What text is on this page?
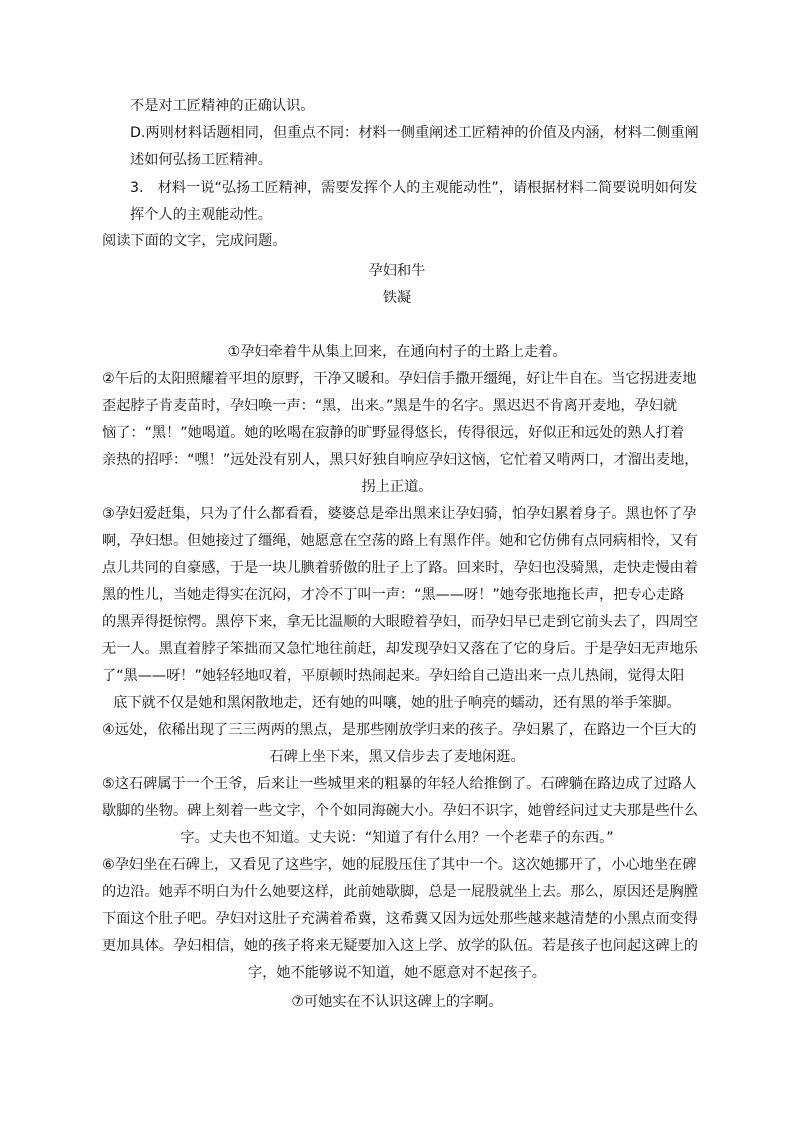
不是对工匠精神的正确认识。
D.两则材料话题相同，但重点不同：材料一侧重阐述工匠精神的价值及内涵，材料二侧重阐
述如何弘扬工匠精神。
3.　材料一说“弘扬工匠精神，需要发挥个人的主观能动性”，请根据材料二简要说明如何发
挥个人的主观能动性。
阅读下面的文字，完成问题。
孕妇和牛
铁凝
①孕妇牵着牛从集上回来，在通向村子的土路上走着。
②午后的太阳照耀着平坦的原野，干净又暖和。孕妇信手撒开缰绳，好让牛自在。当它拐进麦地
歪起脖子肯麦苗时，孕妇唤一声：“黑，出来。”黑是牛的名字。黑迟迟不肯离开麦地，孕妇就
恼了：“黑！”她喝道。她的吆喝在寂静的旷野显得悠长，传得很远，好似正和远处的熟人打着
亲热的招呼：“嘿！”远处没有别人，黑只好独自响应孕妇这恼，它忙着又啃两口，才溜出麦地，
拐上正道。
③孕妇爱赶集，只为了什么都看看，婆婆总是牵出黑来让孕妇骑，怕孕妇累着身子。黑也怀了孕
啊，孕妇想。但她接过了缰绳，她愿意在空荡的路上有黑作伴。她和它仿佛有点同病相怜，又有
点儿共同的自豪感，于是一块儿腆着骄傲的肚子上了路。回来时，孕妇也没骑黑，走快走慢由着
黑的性儿，当她走得实在沉闷，才冷不丁叫一声：“黑——呀！”她夸张地拖长声，把专心走路
的黑弄得挺惊愕。黑停下来，拿无比温顺的大眼瞪着孕妇，而孕妇早已走到它前头去了，四周空
无一人。黑直着脖子笨拙而又急忙地往前赶，却发现孕妇又落在了它的身后。于是孕妇无声地乐
了“黑——呀！”她轻轻地叹着，平原顿时热闹起来。孕妇给自己造出来一点儿热闹，觉得太阳
底下就不仅是她和黑闲散地走，还有她的叫嚷，她的肚子响亮的蠕动，还有黑的举手笨脚。
④远处，依稀出现了三三两两的黑点，是那些刚放学归来的孩子。孕妇累了，在路边一个巨大的
石碑上坐下来，黑又信步去了麦地闲逛。
⑤这石碑属于一个王爷，后来让一些城里来的粗暴的年轻人给推倒了。石碑躺在路边成了过路人
歇脚的坐物。碑上刻着一些文字，个个如同海碗大小。孕妇不识字，她曾经问过丈夫那是些什么
字。丈夫也不知道。丈夫说：“知道了有什么用？一个老辈子的东西。”
⑥孕妇坐在石碑上，又看见了这些字，她的屁股压住了其中一个。这次她挪开了，小心地坐在碑
的边沿。她弄不明白为什么她要这样，此前她歇脚，总是一屁股就坐上去。那么，原因还是胸膛
下面这个肚子吧。孕妇对这肚子充满着希冀，这希冀又因为远处那些越来越清楚的小黑点而变得
更加具体。孕妇相信，她的孩子将来无疑要加入这上学、放学的队伍。若是孩子也问起这碑上的
字，她不能够说不知道，她不愿意对不起孩子。
⑦可她实在不认识这碑上的字啊。
